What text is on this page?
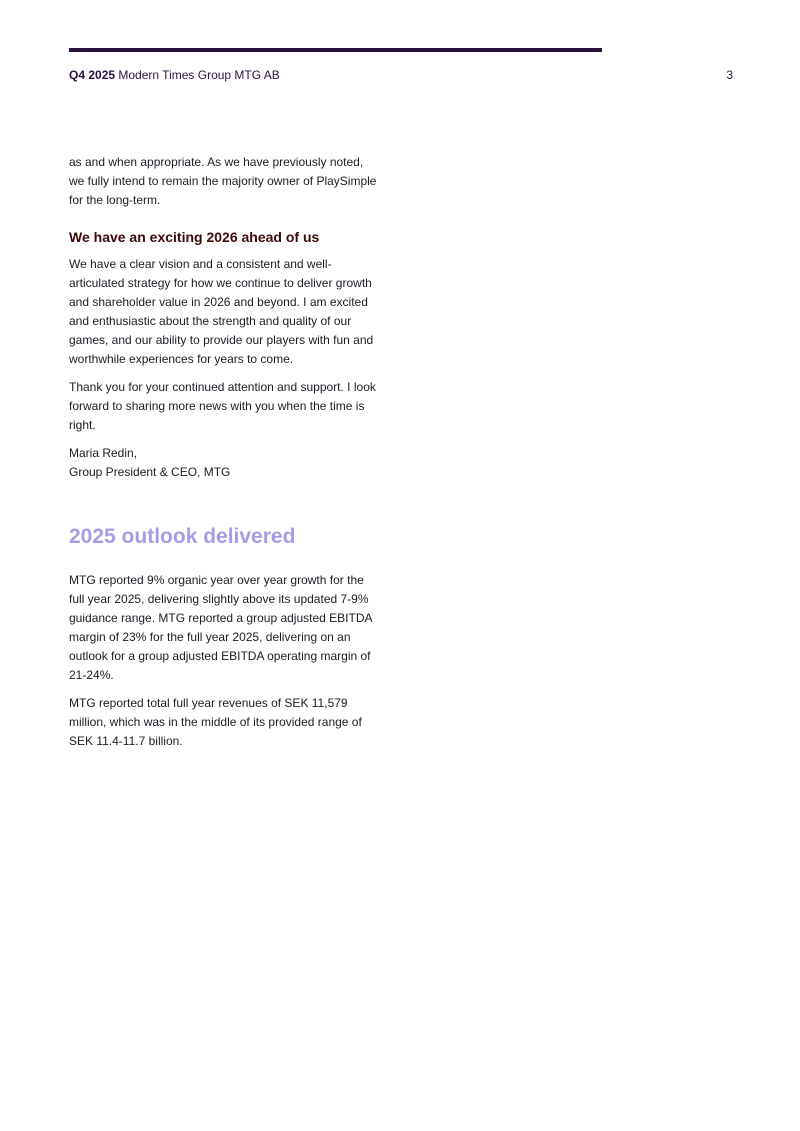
Q4 2025 Modern Times Group MTG AB	3

as and when appropriate. As we have previously noted, we fully intend to remain the majority owner of PlaySimple for the long-term.

We have an exciting 2026 ahead of us

We have a clear vision and a consistent and well-articulated strategy for how we continue to deliver growth and shareholder value in 2026 and beyond. I am excited and enthusiastic about the strength and quality of our games, and our ability to provide our players with fun and worthwhile experiences for years to come.

Thank you for your continued attention and support. I look forward to sharing more news with you when the time is right.

Maria Redin,
Group President & CEO, MTG

2025 outlook delivered

MTG reported 9% organic year over year growth for the full year 2025, delivering slightly above its updated 7-9% guidance range. MTG reported a group adjusted EBITDA margin of 23% for the full year 2025, delivering on an outlook for a group adjusted EBITDA operating margin of 21-24%.

MTG reported total full year revenues of SEK 11,579 million, which was in the middle of its provided range of SEK 11.4-11.7 billion.
